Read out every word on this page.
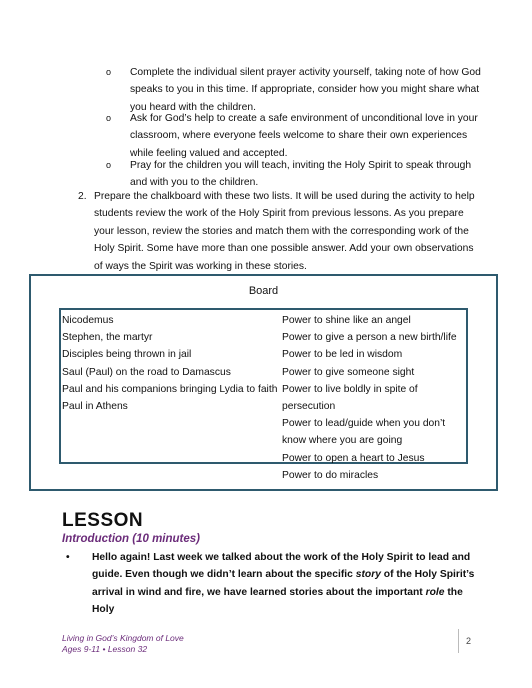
o Complete the individual silent prayer activity yourself, taking note of how God speaks to you in this time. If appropriate, consider how you might share what you heard with the children.
o Ask for God’s help to create a safe environment of unconditional love in your classroom, where everyone feels welcome to share their own experiences while feeling valued and accepted.
o Pray for the children you will teach, inviting the Holy Spirit to speak through and with you to the children.
2. Prepare the chalkboard with these two lists. It will be used during the activity to help students review the work of the Holy Spirit from previous lessons. As you prepare your lesson, review the stories and match them with the corresponding work of the Holy Spirit. Some have more than one possible answer. Add your own observations of ways the Spirit was working in these stories.
Board
Nicodemus
Stephen, the martyr
Disciples being thrown in jail
Saul (Paul) on the road to Damascus
Paul and his companions bringing Lydia to faith
Paul in Athens
Power to shine like an angel
Power to give a person a new birth/life
Power to be led in wisdom
Power to give someone sight
Power to live boldly in spite of persecution
Power to lead/guide when you don’t know where you are going
Power to open a heart to Jesus
Power to do miracles
LESSON
Introduction (10 minutes)
• Hello again! Last week we talked about the work of the Holy Spirit to lead and guide. Even though we didn’t learn about the specific story of the Holy Spirit’s arrival in wind and fire, we have learned stories about the important role the Holy
Living in God’s Kingdom of Love
Ages 9-11 • Lesson 32
2
